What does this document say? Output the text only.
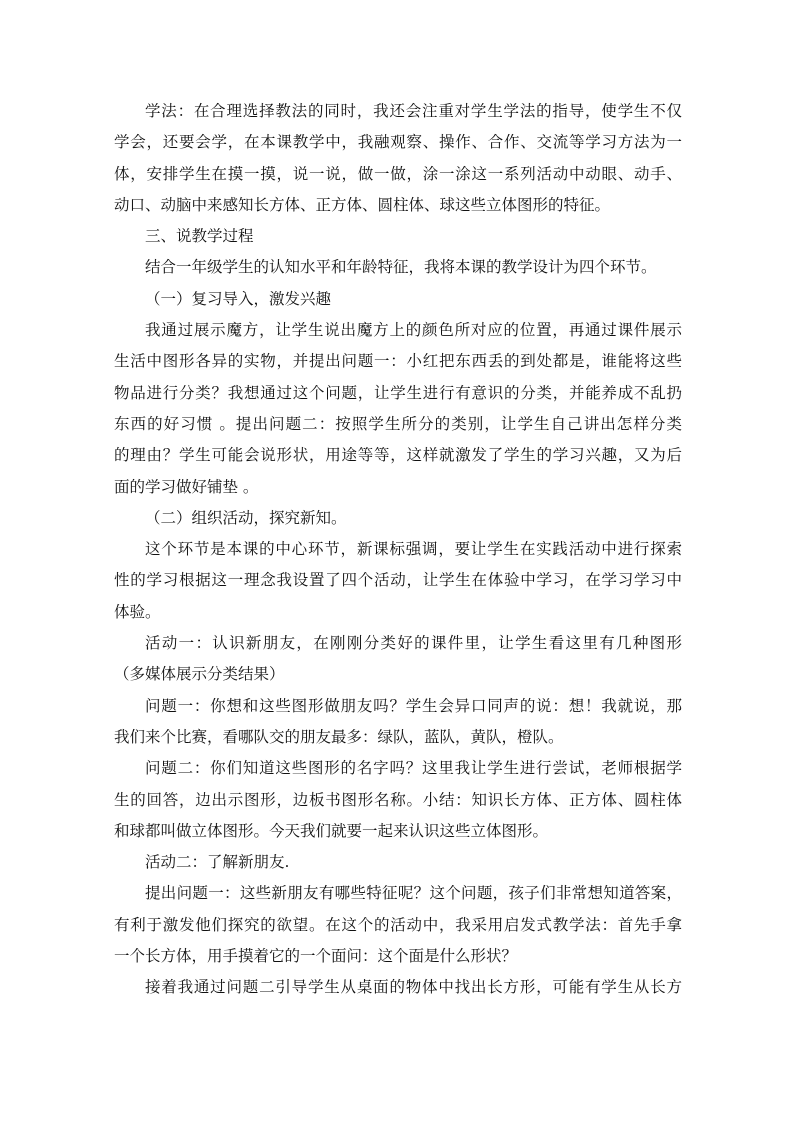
学法：在合理选择教法的同时，我还会注重对学生学法的指导，使学生不仅
学会，还要会学，在本课教学中，我融观察、操作、合作、交流等学习方法为一
体，安排学生在摸一摸，说一说，做一做，涂一涂这一系列活动中动眼、动手、
动口、动脑中来感知长方体、正方体、圆柱体、球这些立体图形的特征。
三、说教学过程
结合一年级学生的认知水平和年龄特征，我将本课的教学设计为四个环节。
（一）复习导入，激发兴趣
我通过展示魔方，让学生说出魔方上的颜色所对应的位置，再通过课件展示
生活中图形各异的实物，并提出问题一：小红把东西丢的到处都是，谁能将这些
物品进行分类？我想通过这个问题，让学生进行有意识的分类，并能养成不乱扔
东西的好习惯 。提出问题二：按照学生所分的类别，让学生自己讲出怎样分类
的理由？学生可能会说形状，用途等等，这样就激发了学生的学习兴趣，又为后
面的学习做好铺垫 。
（二）组织活动，探究新知。
这个环节是本课的中心环节，新课标强调，要让学生在实践活动中进行探索
性的学习根据这一理念我设置了四个活动，让学生在体验中学习，在学习学习中
体验。
活动一：认识新朋友，在刚刚分类好的课件里，让学生看这里有几种图形
（多媒体展示分类结果）
问题一：你想和这些图形做朋友吗？学生会异口同声的说：想！我就说，那
我们来个比赛，看哪队交的朋友最多：绿队，蓝队，黄队，橙队。
问题二：你们知道这些图形的名字吗？这里我让学生进行尝试，老师根据学
生的回答，边出示图形，边板书图形名称。小结：知识长方体、正方体、圆柱体
和球都叫做立体图形。今天我们就要一起来认识这些立体图形。
活动二：了解新朋友.
提出问题一：这些新朋友有哪些特征呢？这个问题，孩子们非常想知道答案，
有利于激发他们探究的欲望。在这个的活动中，我采用启发式教学法：首先手拿
一个长方体，用手摸着它的一个面问：这个面是什么形状？
接着我通过问题二引导学生从桌面的物体中找出长方形，可能有学生从长方
